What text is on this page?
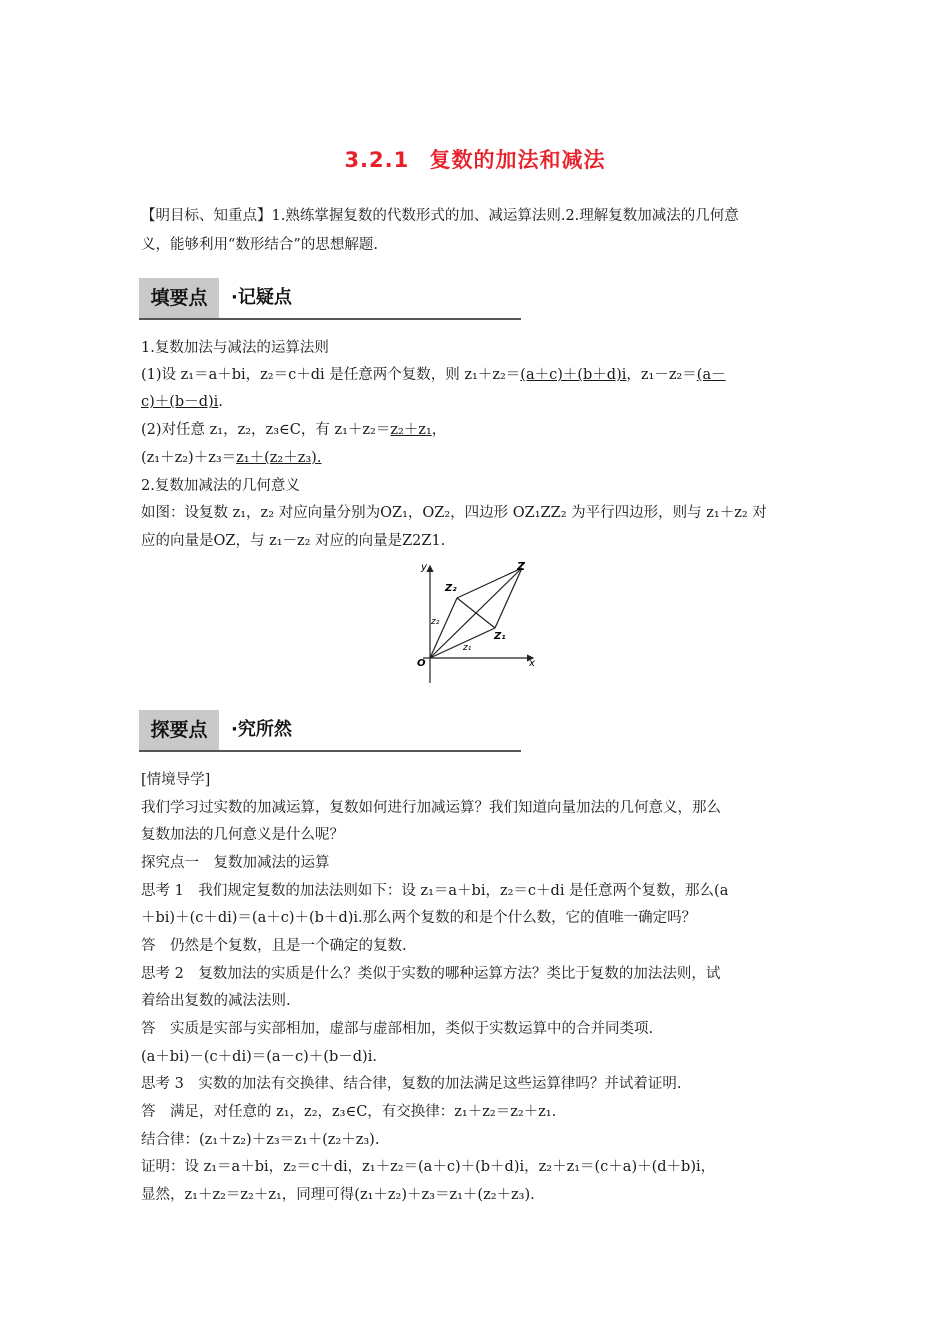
3.2.1 复数的加法和减法
【明目标、知重点】1.熟练掌握复数的代数形式的加、减运算法则.2.理解复数加减法的几何意
义，能够利用“数形结合”的思想解题.
填要点	·记疑点
1.复数加法与减法的运算法则
(1)设 z₁＝a＋bi，z₂＝c＋di 是任意两个复数，则 z₁＋z₂＝(a＋c)＋(b＋d)i，z₁－z₂＝(a－
c)＋(b－d)i.
(2)对任意 z₁，z₂，z₃∈C，有 z₁＋z₂＝z₂＋z₁，
(z₁＋z₂)＋z₃＝z₁＋(z₂＋z₃).
2.复数加减法的几何意义
如图：设复数 z₁，z₂ 对应向量分别为OZ₁，OZ₂，四边形 OZ₁ZZ₂ 为平行四边形，则与 z₁＋z₂ 对
应的向量是OZ，与 z₁－z₂ 对应的向量是Z2Z1.
y
x
O
Z
Z₁
Z₂
z₁
z₂
探要点	·究所然
[情境导学]
我们学习过实数的加减运算，复数如何进行加减运算？我们知道向量加法的几何意义，那么
复数加法的几何意义是什么呢？
探究点一　复数加减法的运算
思考 1　我们规定复数的加法法则如下：设 z₁＝a＋bi，z₂＝c＋di 是任意两个复数，那么(a
＋bi)＋(c＋di)＝(a＋c)＋(b＋d)i.那么两个复数的和是个什么数，它的值唯一确定吗？
答　仍然是个复数，且是一个确定的复数.
思考 2　复数加法的实质是什么？类似于实数的哪种运算方法？类比于复数的加法法则，试
着给出复数的减法法则.
答　实质是实部与实部相加，虚部与虚部相加，类似于实数运算中的合并同类项.
(a＋bi)－(c＋di)＝(a－c)＋(b－d)i.
思考 3　实数的加法有交换律、结合律，复数的加法满足这些运算律吗？并试着证明.
答　满足，对任意的 z₁，z₂，z₃∈C，有交换律：z₁＋z₂＝z₂＋z₁.
结合律：(z₁＋z₂)＋z₃＝z₁＋(z₂＋z₃).
证明：设 z₁＝a＋bi，z₂＝c＋di，z₁＋z₂＝(a＋c)＋(b＋d)i，z₂＋z₁＝(c＋a)＋(d＋b)i，
显然，z₁＋z₂＝z₂＋z₁，同理可得(z₁＋z₂)＋z₃＝z₁＋(z₂＋z₃).
